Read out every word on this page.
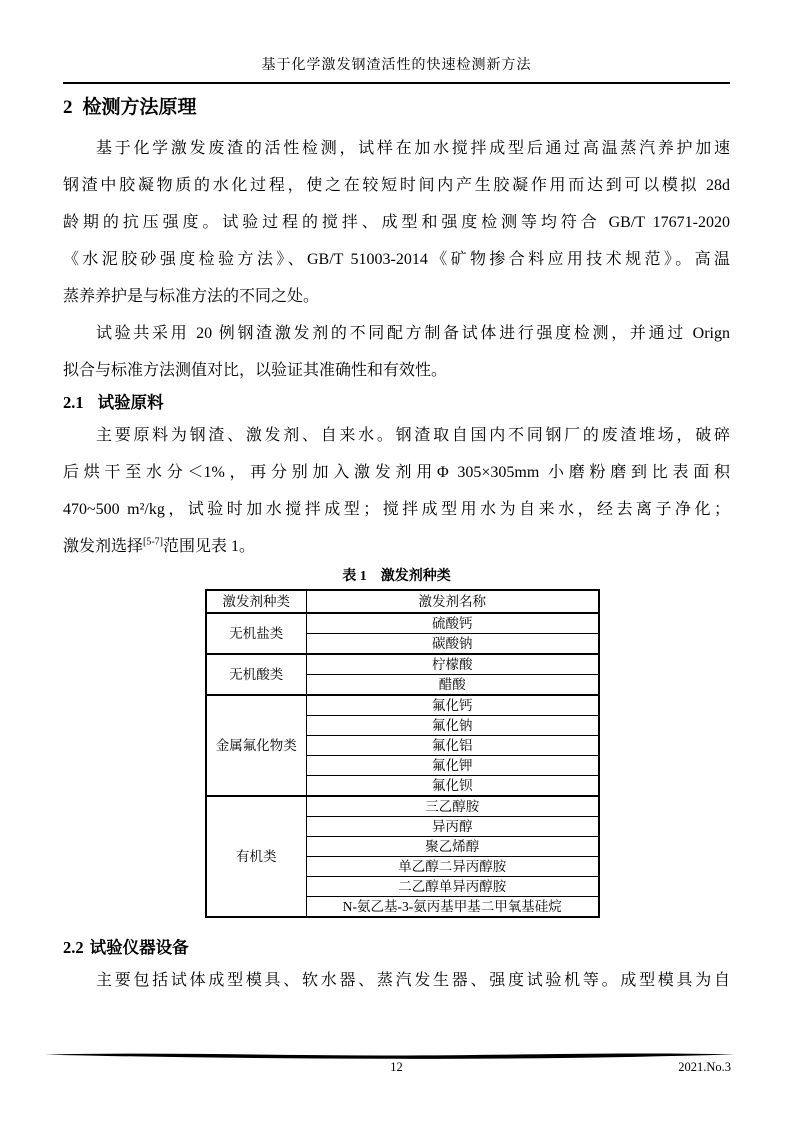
基于化学激发钢渣活性的快速检测新方法
2 检测方法原理
基于化学激发废渣的活性检测，试样在加水搅拌成型后通过高温蒸汽养护加速
钢渣中胶凝物质的水化过程，使之在较短时间内产生胶凝作用而达到可以模拟 28d
龄期的抗压强度。试验过程的搅拌、成型和强度检测等均符合 GB/T 17671-2020
《水泥胶砂强度检验方法》、GB/T 51003-2014《矿物掺合料应用技术规范》。高温
蒸养养护是与标准方法的不同之处。
试验共采用 20 例钢渣激发剂的不同配方制备试体进行强度检测，并通过 Orign
拟合与标准方法测值对比，以验证其准确性和有效性。
2.1 试验原料
主要原料为钢渣、激发剂、自来水。钢渣取自国内不同钢厂的废渣堆场，破碎
后烘干至水分＜1%，再分别加入激发剂用Φ 305×305mm 小磨粉磨到比表面积
470~500 m²/kg，试验时加水搅拌成型；搅拌成型用水为自来水，经去离子净化；
激发剂选择[5-7]范围见表 1。
表 1　激发剂种类
激发剂种类	激发剂名称
无机盐类	硫酸钙
	碳酸钠
无机酸类	柠檬酸
	醋酸
金属氟化物类	氟化钙
	氟化钠
	氟化铝
	氟化钾
	氟化钡
有机类	三乙醇胺
	异丙醇
	聚乙烯醇
	单乙醇二异丙醇胺
	二乙醇单异丙醇胺
	N-氨乙基-3-氨丙基甲基二甲氧基硅烷
2.2 试验仪器设备
主要包括试体成型模具、软水器、蒸汽发生器、强度试验机等。成型模具为自
12	2021.No.3
